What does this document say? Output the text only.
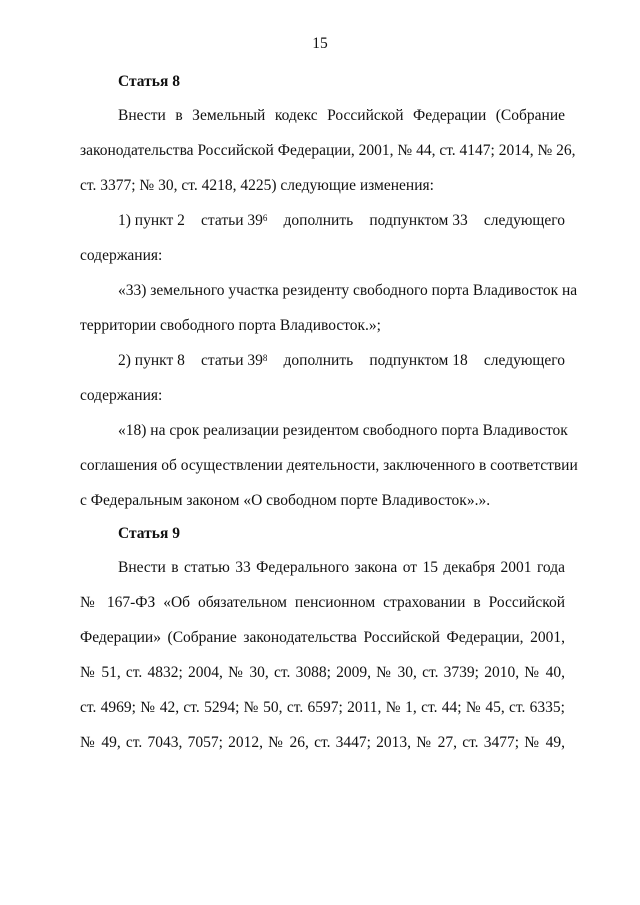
15
Статья 8
Внести в Земельный кодекс Российской Федерации (Собрание
законодательства Российской Федерации, 2001, № 44, ст. 4147; 2014, № 26,
ст. 3377; № 30, ст. 4218, 4225) следующие изменения:
1) пункт 2 статьи $39^6$ дополнить подпунктом 33 следующего
содержания:
«33) земельного участка резиденту свободного порта Владивосток на
территории свободного порта Владивосток.»;
2) пункт 8 статьи $39^8$ дополнить подпунктом 18 следующего
содержания:
«18) на срок реализации резидентом свободного порта Владивосток
соглашения об осуществлении деятельности, заключенного в соответствии
с Федеральным законом «О свободном порте Владивосток».».
Статья 9
Внести в статью 33 Федерального закона от 15 декабря 2001 года
№ 167-ФЗ «Об обязательном пенсионном страховании в Российской
Федерации» (Собрание законодательства Российской Федерации, 2001,
№ 51, ст. 4832; 2004, № 30, ст. 3088; 2009, № 30, ст. 3739; 2010, № 40,
ст. 4969; № 42, ст. 5294; № 50, ст. 6597; 2011, № 1, ст. 44; № 45, ст. 6335;
№ 49, ст. 7043, 7057; 2012, № 26, ст. 3447; 2013, № 27, ст. 3477; № 49,
